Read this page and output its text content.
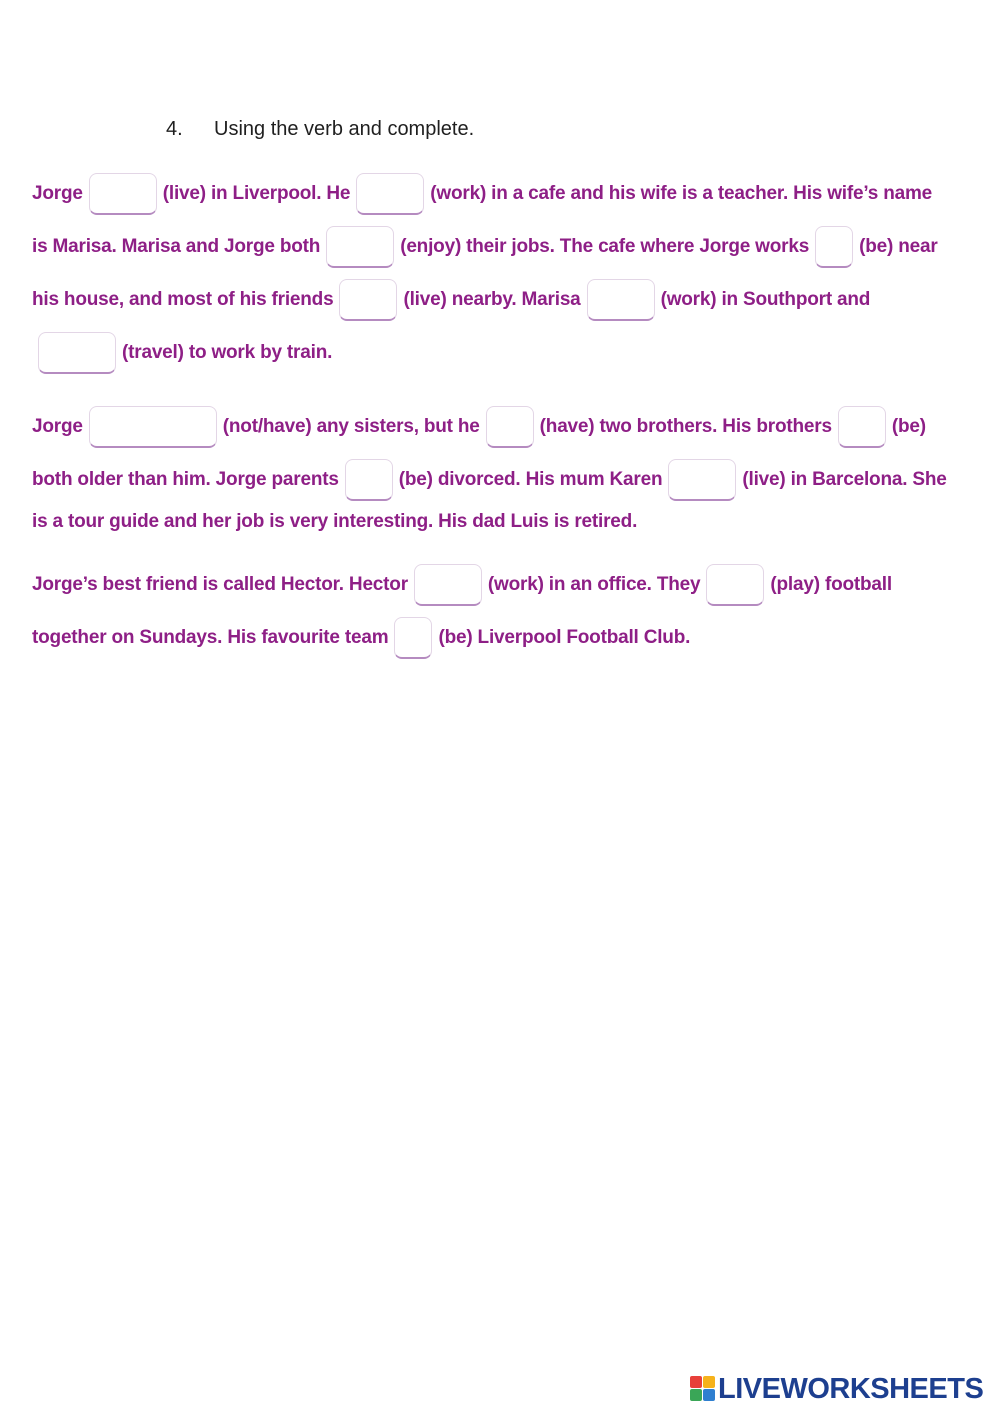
4. Using the verb and complete.
Jorge	(live) in Liverpool. He	(work) in a cafe and his wife is a teacher. His wife’s name
is Marisa. Marisa and Jorge both	(enjoy) their jobs. The cafe where Jorge works	(be) near
his house, and most of his friends	(live) nearby. Marisa	(work) in Southport and
(travel) to work by train.
Jorge	(not/have) any sisters, but he	(have) two brothers. His brothers	(be)
both older than him. Jorge parents	(be) divorced. His mum Karen	(live) in Barcelona. She
is a tour guide and her job is very interesting. His dad Luis is retired.
Jorge’s best friend is called Hector. Hector	(work) in an office. They	(play) football
together on Sundays. His favourite team	(be) Liverpool Football Club.
LIVEWORKSHEETS
